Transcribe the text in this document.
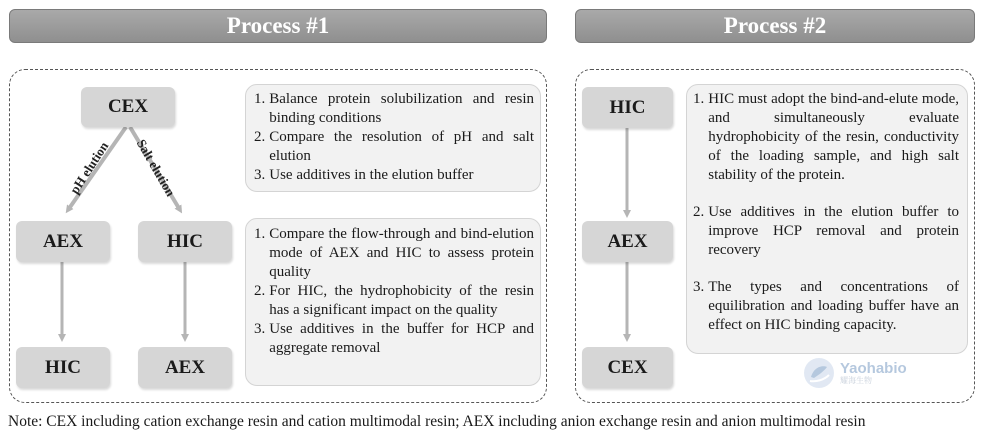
Process #1	Process #2
pH elution Salt elution
CEX
AEX	HIC
HIC	AEX
1. Balance protein solubilization and resin binding conditions
2. Compare the resolution of pH and salt elution
3. Use additives in the elution buffer
1. Compare the flow-through and bind-elution mode of AEX and HIC to assess protein quality
2. For HIC, the hydrophobicity of the resin has a significant impact on the quality
3. Use additives in the buffer for HCP and aggregate removal
HIC
AEX
CEX
1. HIC must adopt the bind-and-elute mode, and simultaneously evaluate hydrophobicity of the resin, conductivity of the loading sample, and high salt stability of the protein.
2. Use additives in the elution buffer to improve HCP removal and protein recovery
3. The types and concentrations of equilibration and loading buffer have an effect on HIC binding capacity.
Yaohabio
耀海生物
Note: CEX including cation exchange resin and cation multimodal resin; AEX including anion exchange resin and anion multimodal resin
